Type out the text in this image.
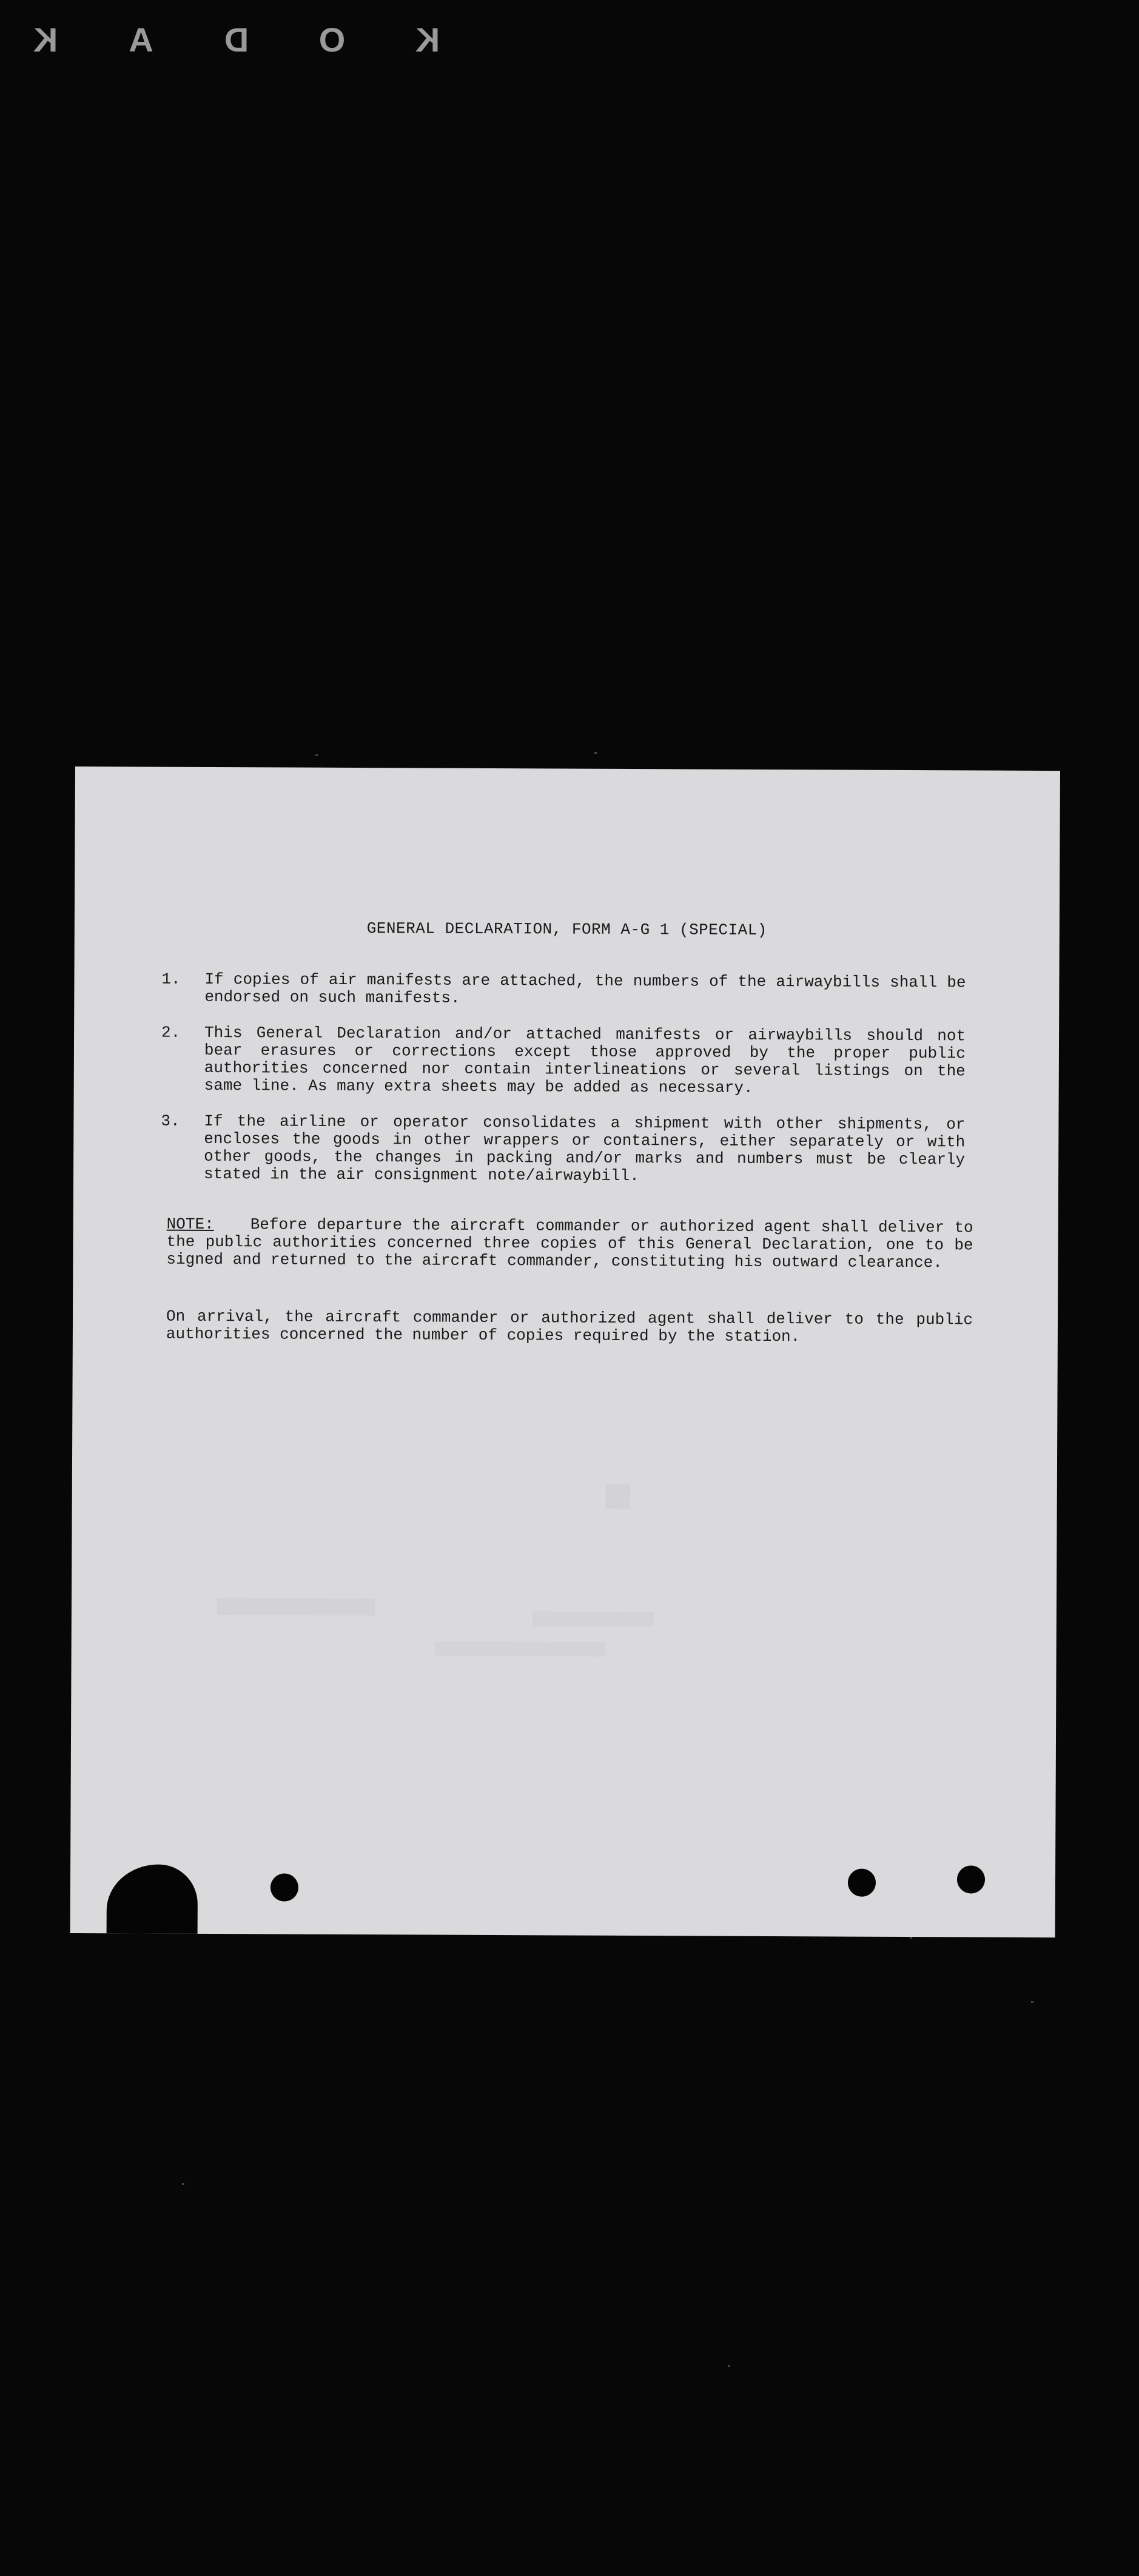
K
O
D
A
K
GENERAL DECLARATION, FORM A-G 1 (SPECIAL)
1.	If copies of air manifests are attached, the numbers of the airwaybills shall be endorsed on such manifests.
2.	This General Declaration and/or attached manifests or airwaybills should not bear erasures or corrections except those approved by the proper public authorities concerned nor contain interlineations or several listings on the same line. As many extra sheets may be added as necessary.
3.	If the airline or operator consolidates a shipment with other shipments, or encloses the goods in other wrappers or containers, either separately or with other goods, the changes in packing and/or marks and numbers must be clearly stated in the air consignment note/airwaybill.
NOTE: Before departure the aircraft commander or authorized agent shall deliver to the public authorities concerned three copies of this General Declaration, one to be signed and returned to the aircraft commander, constituting his outward clearance.
On arrival, the aircraft commander or authorized agent shall deliver to the public authorities concerned the number of copies required by the station.
